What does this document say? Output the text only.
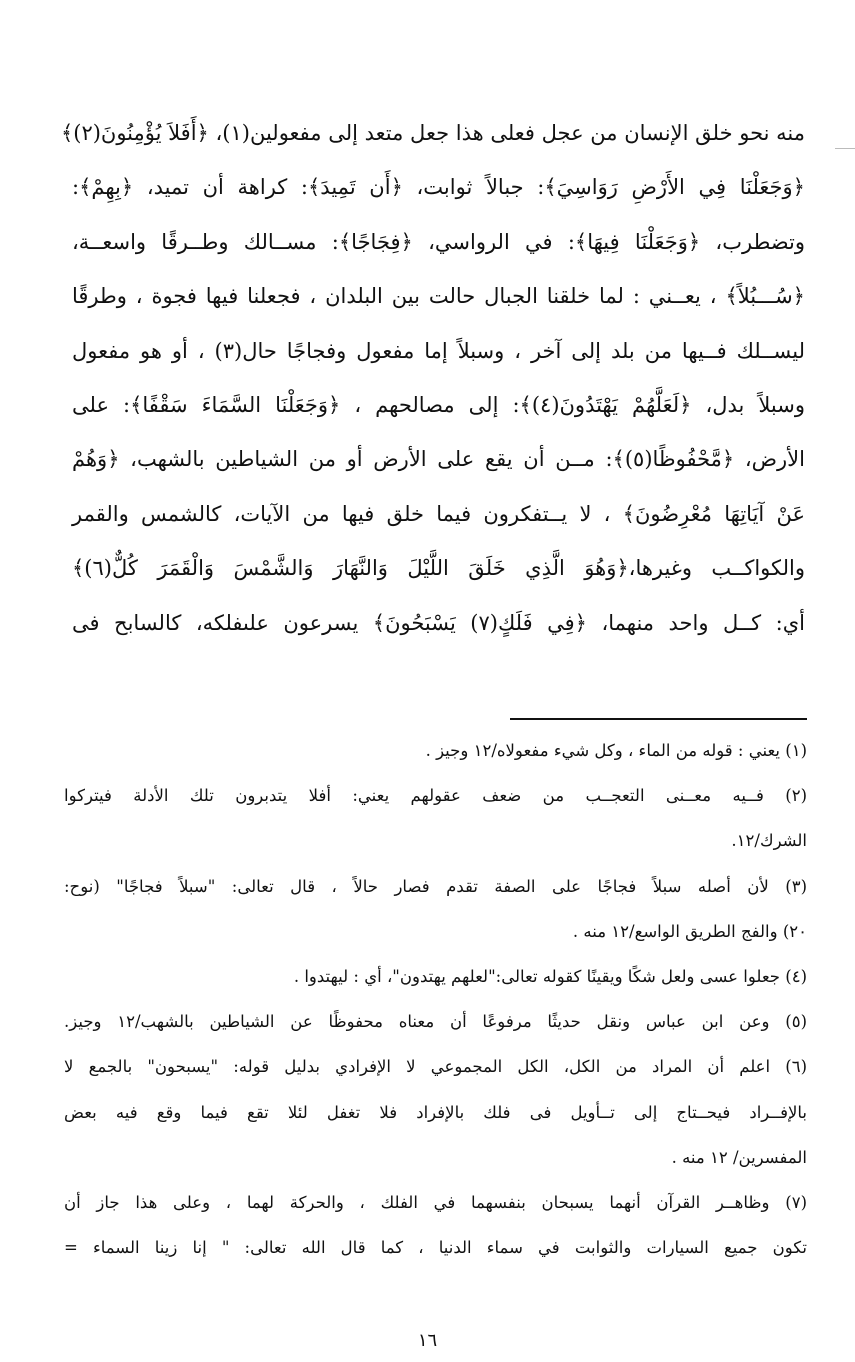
منه نحو خلق الإنسان من عجل فعلى هذا جعل متعد إلى مفعولين(١)، ﴿أَفَلاَ يُؤْمِنُونَ(٢)﴾
﴿وَجَعَلْنَا فِي الأَرْضِ رَوَاسِيَ﴾: جبالاً ثوابت، ﴿أَن تَمِيدَ﴾: كراهة أن تميد، ﴿بِهِمْ﴾:
وتضطرب، ﴿وَجَعَلْنَا فِيهَا﴾: في الرواسي، ﴿فِجَاجًا﴾: مســالك وطــرقًا واسعــة،
﴿سُـــبُلاً﴾ ، يعــني : لما خلقنا الجبال حالت بين البلدان ، فجعلنا فيها فجوة ، وطرقًا
ليســلك فــيها من بلد إلى آخر ، وسبلاً إما مفعول وفجاجًا حال(٣) ، أو هو مفعول
وسبلاً بدل، ﴿لَعَلَّهُمْ يَهْتَدُونَ(٤)﴾: إلى مصالحهم ، ﴿وَجَعَلْنَا السَّمَاءَ سَقْفًا﴾: على
الأرض، ﴿مَّحْفُوظًا(٥)﴾: مــن أن يقع على الأرض أو من الشياطين بالشهب، ﴿وَهُمْ
عَنْ آيَاتِهَا مُعْرِضُونَ﴾ ، لا يــتفكرون فيما خلق فيها من الآيات، كالشمس والقمر
والكواكــب وغيرها،﴿وَهُوَ الَّذِي خَلَقَ اللَّيْلَ وَالنَّهَارَ وَالشَّمْسَ وَالْقَمَرَ كُلٌّ(٦)﴾
أي: كــل واحد منهما، ﴿فِي فَلَكٍ(٧) يَسْبَحُونَ﴾ يسرعون علىفلكه، كالسابح فى
(١) يعني : قوله من الماء ، وكل شيء مفعولاه/١٢ وجيز .
(٢) فــيه معــنى التعجــب من ضعف عقولهم يعني: أفلا يتدبرون تلك الأدلة فيتركوا
الشرك/١٢.
(٣) لأن أصله سبلاً فجاجًا على الصفة تقدم فصار حالاً ، قال تعالى: "سبلاً فجاجًا" (نوح:
٢٠) والفج الطريق الواسع/١٢ منه .
(٤) جعلوا عسى ولعل شكًا ويقينًا كقوله تعالى:"لعلهم يهتدون"، أي : ليهتدوا .
(٥) وعن ابن عباس ونقل حديثًا مرفوعًا أن معناه محفوظًا عن الشياطين بالشهب/١٢ وجيز.
(٦) اعلم أن المراد من الكل، الكل المجموعي لا الإفرادي بدليل قوله: "يسبحون" بالجمع لا
بالإفــراد فيحــتاج إلى تــأويل فى فلك بالإفراد فلا تغفل لئلا تقع فيما وقع فيه بعض
المفسرين/ ١٢ منه .
(٧) وظاهــر القرآن أنهما يسبحان بنفسهما في الفلك ، والحركة لهما ، وعلى هذا جاز أن
تكون جميع السيارات والثوابت في سماء الدنيا ، كما قال الله تعالى: " إنا زينا السماء =
١٦
